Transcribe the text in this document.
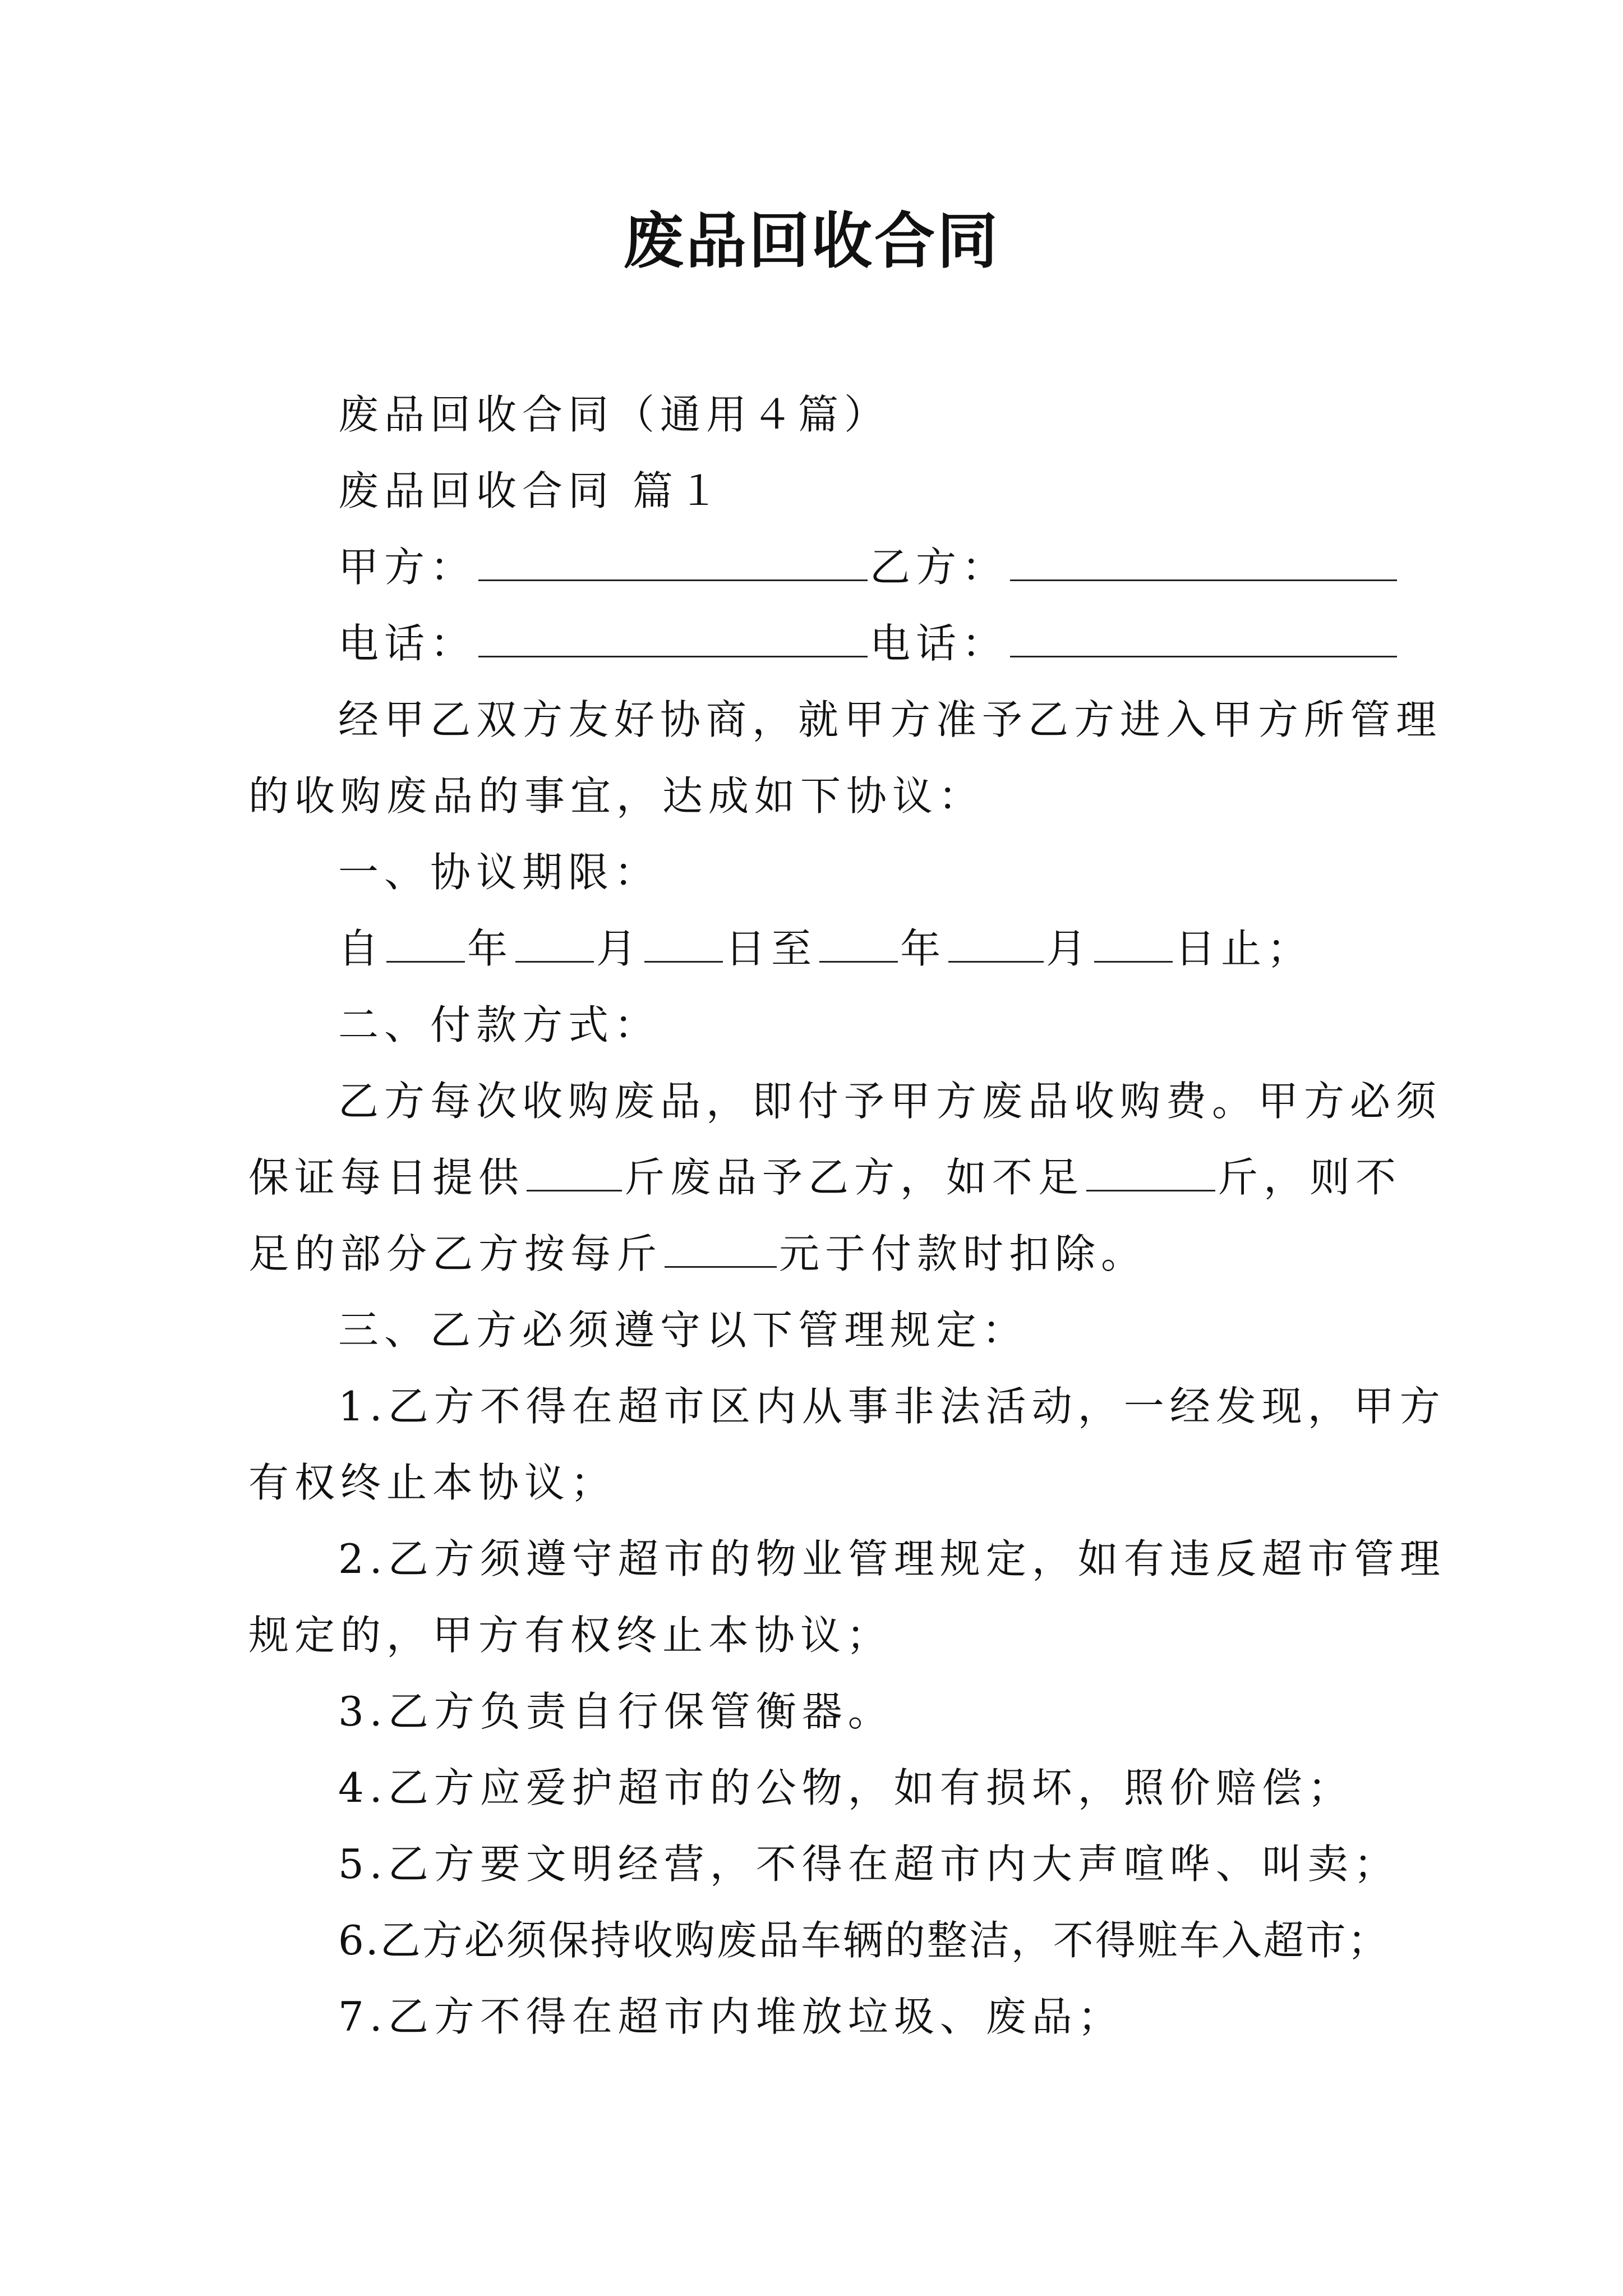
废品回收合同
废品回收合同（通用４篇）
废品回收合同 篇１
甲方：	乙方：
电话：	电话：
经甲乙双方友好协商，就甲方准予乙方进入甲方所管理
的收购废品的事宜，达成如下协议：
一、协议期限：
自 年 月 日至 年 月 日止；
二、付款方式：
乙方每次收购废品，即付予甲方废品收购费。甲方必须
保证每日提供 斤废品予乙方，如不足	斤，则不
足的部分乙方按每斤	元于付款时扣除。
三、乙方必须遵守以下管理规定：
1.乙方不得在超市区内从事非法活动，一经发现，甲方
有权终止本协议；
2.乙方须遵守超市的物业管理规定，如有违反超市管理
规定的，甲方有权终止本协议；
3.乙方负责自行保管衡器。
4.乙方应爱护超市的公物，如有损坏，照价赔偿；
5.乙方要文明经营，不得在超市内大声喧哗、叫卖；
6.乙方必须保持收购废品车辆的整洁，不得赃车入超市；
7.乙方不得在超市内堆放垃圾、废品；
